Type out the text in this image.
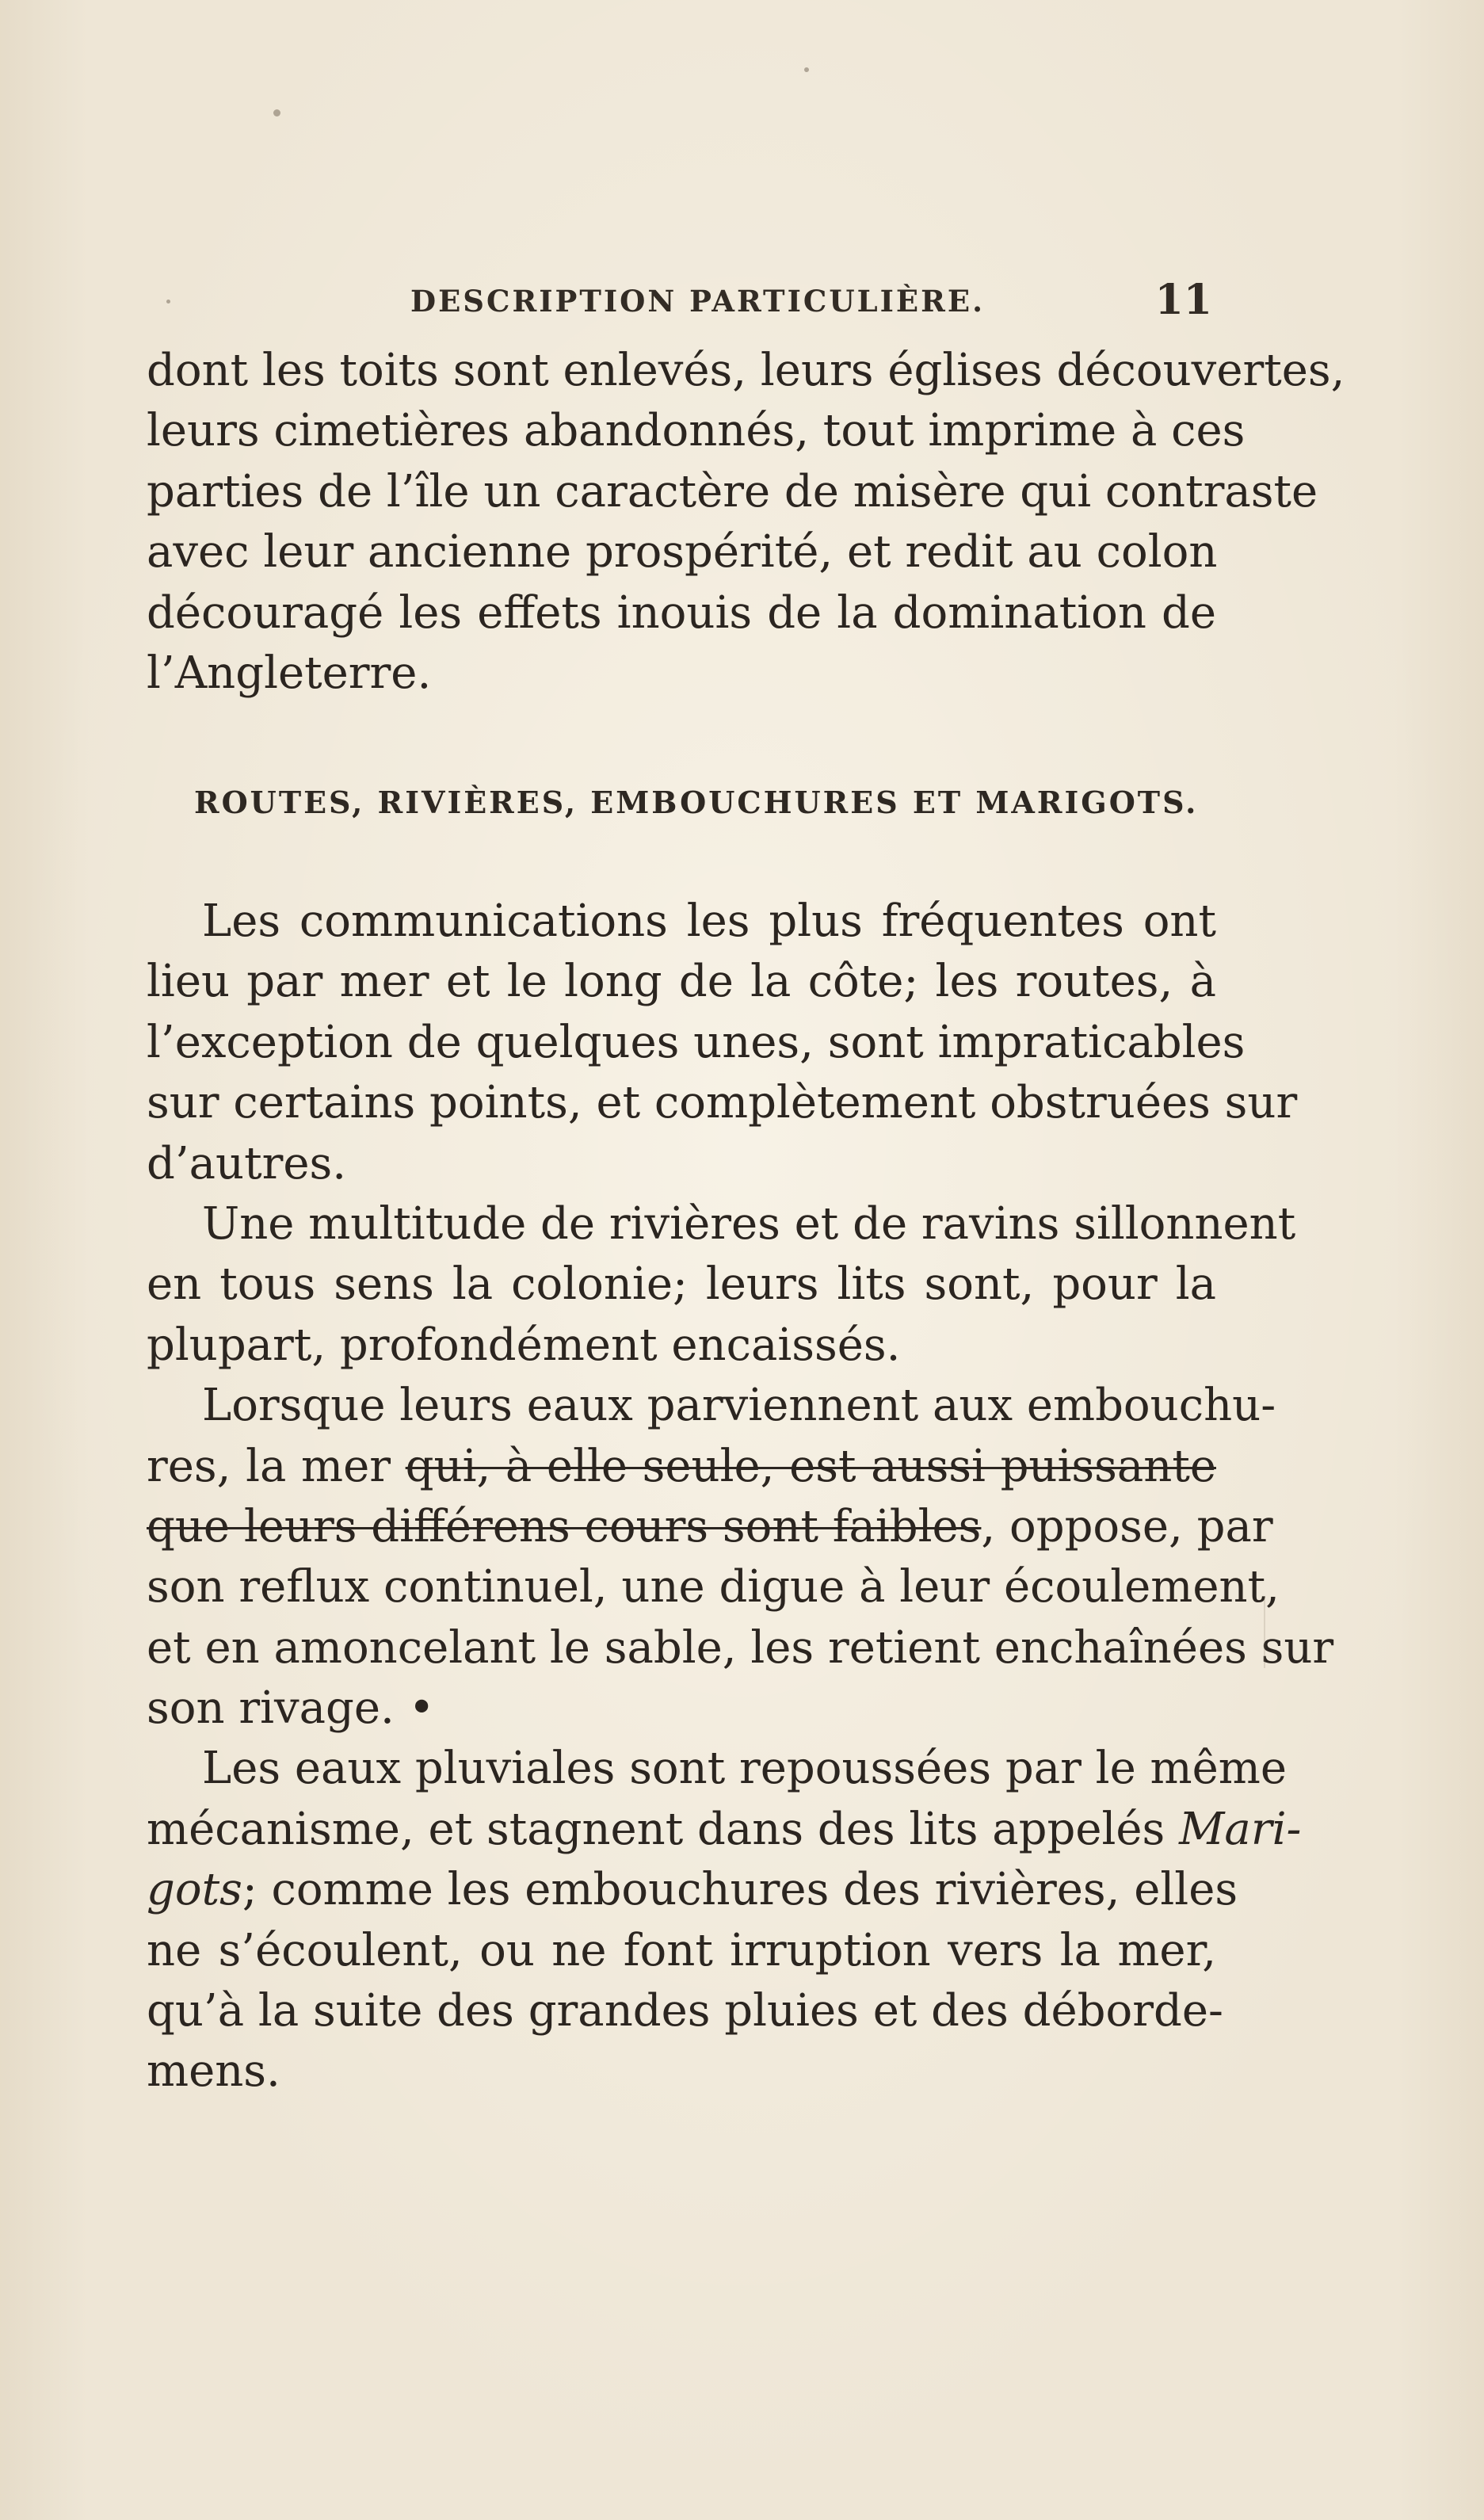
DESCRIPTION PARTICULIÈRE.	11

dont les toits sont enlevés, leurs églises découvertes,
leurs cimetières abandonnés, tout imprime à ces
parties de l’île un caractère de misère qui contraste
avec leur ancienne prospérité, et redit au colon
découragé les effets inouis de la domination de
l’Angleterre.

ROUTES, RIVIÈRES, EMBOUCHURES ET MARIGOTS.

Les communications les plus fréquentes ont
lieu par mer et le long de la côte; les routes, à
l’exception de quelques unes, sont impraticables
sur certains points, et complètement obstruées sur
d’autres.

Une multitude de rivières et de ravins sillonnent
en tous sens la colonie; leurs lits sont, pour la
plupart, profondément encaissés.

Lorsque leurs eaux parviennent aux embouchu-
res, la mer qui, à elle seule, est aussi puissante
que leurs différens cours sont faibles, oppose, par
son reflux continuel, une digue à leur écoulement,
et en amoncelant le sable, les retient enchaînées sur
son rivage. •

Les eaux pluviales sont repoussées par le même
mécanisme, et stagnent dans des lits appelés Mari-
gots; comme les embouchures des rivières, elles
ne s’écoulent, ou ne font irruption vers la mer,
qu’à la suite des grandes pluies et des déborde-
mens.
